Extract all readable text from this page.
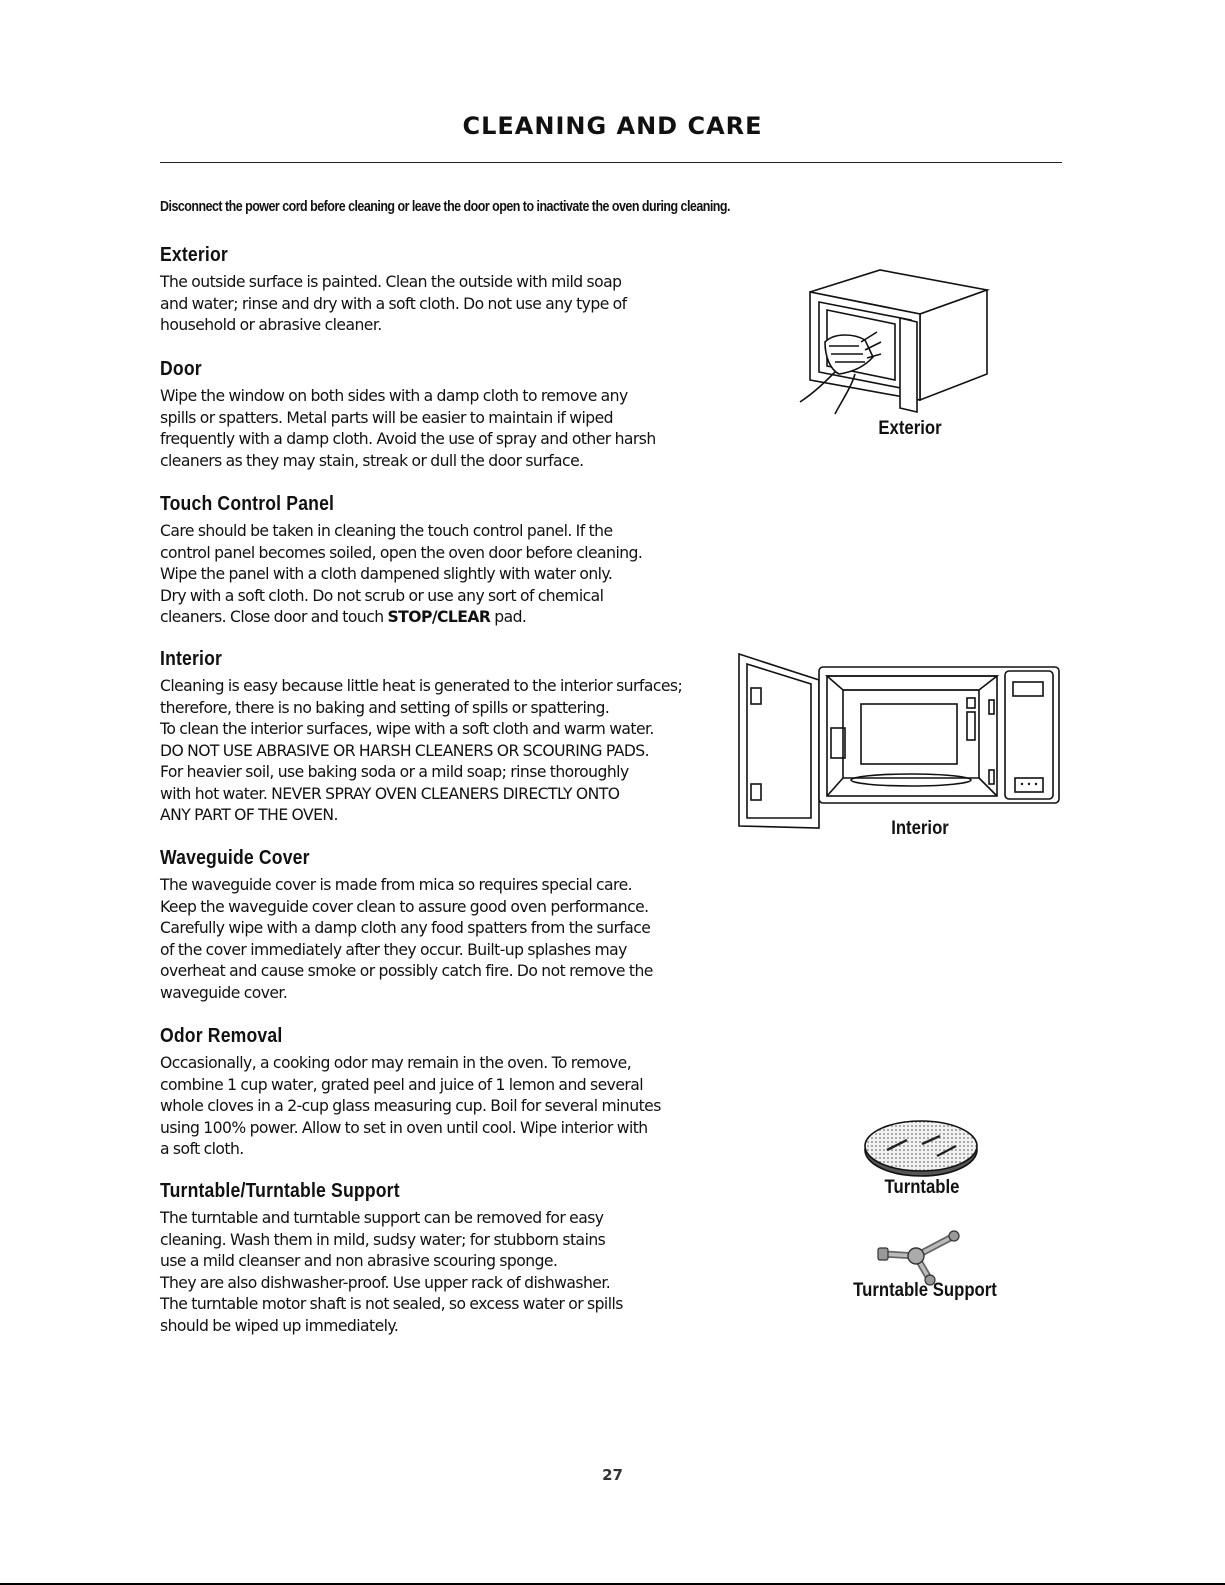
CLEANING AND CARE
Disconnect the power cord before cleaning or leave the door open to inactivate the oven during cleaning.
Exterior

The outside surface is painted. Clean the outside with mild soap
and water; rinse and dry with a soft cloth. Do not use any type of
household or abrasive cleaner.

Door

Wipe the window on both sides with a damp cloth to remove any
spills or spatters. Metal parts will be easier to maintain if wiped
frequently with a damp cloth. Avoid the use of spray and other harsh
cleaners as they may stain, streak or dull the door surface.

Touch Control Panel

Care should be taken in cleaning the touch control panel. If the
control panel becomes soiled, open the oven door before cleaning.
Wipe the panel with a cloth dampened slightly with water only.
Dry with a soft cloth. Do not scrub or use any sort of chemical
cleaners. Close door and touch STOP/CLEAR pad.

Interior

Cleaning is easy because little heat is generated to the interior surfaces;
therefore, there is no baking and setting of spills or spattering.
To clean the interior surfaces, wipe with a soft cloth and warm water.
DO NOT USE ABRASIVE OR HARSH CLEANERS OR SCOURING PADS.
For heavier soil, use baking soda or a mild soap; rinse thoroughly
with hot water. NEVER SPRAY OVEN CLEANERS DIRECTLY ONTO
ANY PART OF THE OVEN.

Waveguide Cover

The waveguide cover is made from mica so requires special care.
Keep the waveguide cover clean to assure good oven performance.
Carefully wipe with a damp cloth any food spatters from the surface
of the cover immediately after they occur. Built-up splashes may
overheat and cause smoke or possibly catch fire. Do not remove the
waveguide cover.

Odor Removal

Occasionally, a cooking odor may remain in the oven. To remove,
combine 1 cup water, grated peel and juice of 1 lemon and several
whole cloves in a 2-cup glass measuring cup. Boil for several minutes
using 100% power. Allow to set in oven until cool. Wipe interior with
a soft cloth.

Turntable/Turntable Support

The turntable and turntable support can be removed for easy
cleaning. Wash them in mild, sudsy water; for stubborn stains
use a mild cleanser and non abrasive scouring sponge.
They are also dishwasher-proof. Use upper rack of dishwasher.
The turntable motor shaft is not sealed, so excess water or spills
should be wiped up immediately.

Exterior
Interior
Turntable
Turntable Support
27
